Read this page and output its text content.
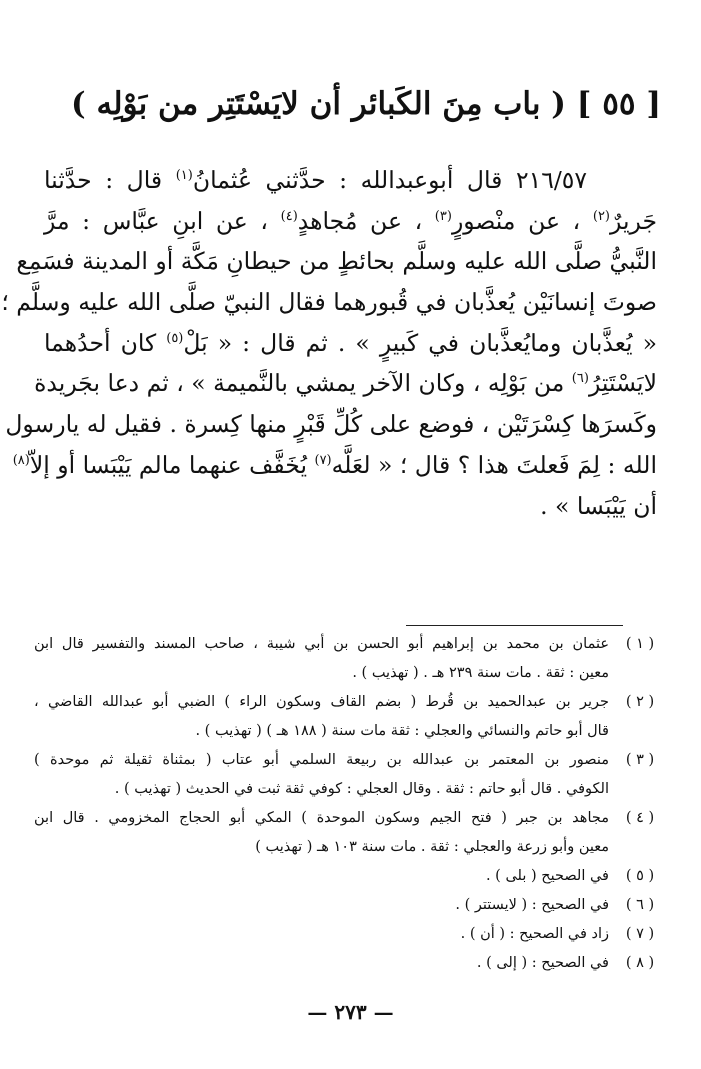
[ ٥٥ ] ( باب مِنَ الكَبائر أن لايَسْتَتِر من بَوْلِه )
٢١٦/٥٧ قال أبوعبدالله : حدَّثني عُثمانُ$^{(١)}$ قال : حدَّثنا
جَريرٌ$^{(٢)}$ ، عن منْصورٍ$^{(٣)}$ ، عن مُجاهدٍ$^{(٤)}$ ، عن ابنِ عبَّاس : مرَّ
النَّبيُّ صلَّى الله عليه وسلَّم بحائطٍ من حيطانِ مَكَّة أو المدينة فسَمِع
صوتَ إنسانَيْن يُعذَّبان في قُبورهما فقال النبيّ صلَّى الله عليه وسلَّم ؛
« يُعذَّبان ومايُعذَّبان في كَبيرٍ » . ثم قال : « بَلْ$^{(٥)}$ كان أحدُهما
لايَسْتَتِرُ$^{(٦)}$ من بَوْلِه ، وكان الآخر يمشي بالنَّميمة » ، ثم دعا بجَريدة
وكَسرَها كِسْرَتَيْن ، فوضع على كُلِّ قَبْرٍ منها كِسرة . فقيل له يارسول
الله : لِمَ فَعلتَ هذا ؟ قال ؛ « لعَلَّه$^{(٧)}$ يُخَفَّف عنهما مالم يَيْبَسا أو إلاّ$^{(٨)}$
أن يَيْبَسا » .
( ١ )
عثمان بن محمد بن إبراهيم أبو الحسن بن أبي شيبة ، صاحب المسند والتفسير قال ابن
معين : ثقة . مات سنة ٢٣٩ هـ . ( تهذيب ) .
( ٢ )
جرير بن عبدالحميد بن قُرط ( بضم القاف وسكون الراء ) الضبي أبو عبدالله القاضي ،
قال أبو حاتم والنسائي والعجلي : ثقة مات سنة ( ١٨٨ هـ ) ( تهذيب ) .
( ٣ )
منصور بن المعتمر بن عبدالله بن ربيعة السلمي أبو عتاب ( بمثناة ثقيلة ثم موحدة )
الكوفي . قال أبو حاتم : ثقة . وقال العجلي : كوفي ثقة ثبت في الحديث ( تهذيب ) .
( ٤ )
مجاهد بن جبر ( فتح الجيم وسكون الموحدة ) المكي أبو الحجاج المخزومي . قال ابن
معين وأبو زرعة والعجلي : ثقة . مات سنة ١٠٣ هـ ( تهذيب )
( ٥ )
في الصحيح ( بلى ) .
( ٦ )
في الصحيح : ( لايستتر ) .
( ٧ )
زاد في الصحيح : ( أن ) .
( ٨ )
في الصحيح : ( إلى ) .
— ٢٧٣ —
